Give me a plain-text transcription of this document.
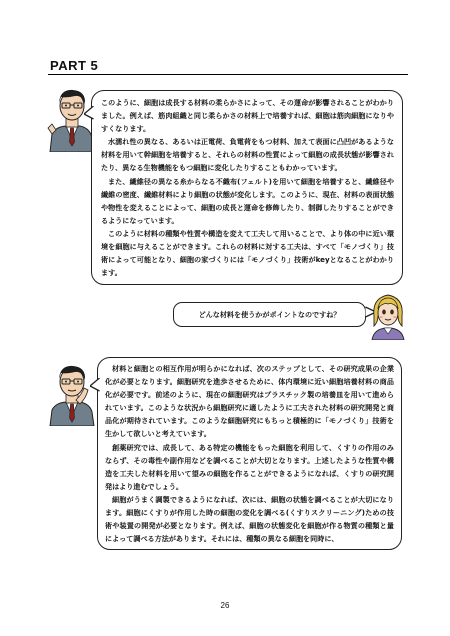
PART 5

このように、細胞は成長する材料の柔らかさによって、その運命が影響されることがわかりました。例えば、筋肉組織と同じ柔らかさの材料上で培養すれば、細胞は筋肉細胞になりやすくなります。

水濡れ性の異なる、あるいは正電荷、負電荷をもつ材料、加えて表面に凸凹があるような材料を用いて幹細胞を培養すると、それらの材料の性質によって細胞の成長状態が影響されたり、異なる生物機能をもつ細胞に変化したりすることもわかっています。

また、繊維径の異なる糸からなる不織布(フェルト)を用いて細胞を培養すると、繊維径や繊維の密度、繊維材料により細胞の状態が変化します。このように、現在、材料の表面状態や物性を変えることによって、細胞の成長と運命を修飾したり、制御したりすることができるようになっています。

このように材料の種類や性質や構造を変えて工夫して用いることで、より体の中に近い環境を細胞に与えることができます。これらの材料に対する工夫は、すべて「モノづくり」技術によって可能となり、細胞の家づくりには「モノづくり」技術がkeyとなることがわかります。

どんな材料を使うかがポイントなのですね？

材料と細胞との相互作用が明らかになれば、次のステップとして、その研究成果の企業化が必要となります。細胞研究を進歩させるために、体内環境に近い細胞培養材料の商品化が必要です。前述のように、現在の細胞研究はプラスチック製の培養皿を用いて進められています。このような状況から細胞研究に適したように工夫された材料の研究開発と商品化が期待されています。このような細胞研究にもちっと積極的に「モノづくり」技術を生かして欲しいと考えています。

創薬研究では、成長して、ある特定の機能をもった細胞を利用して、くすりの作用のみならず、その毒性や副作用などを調べることが大切となります。上述したような性質や構造を工夫した材料を用いて望みの細胞を作ることができるようになれば、くすりの研究開発はより進むでしょう。

細胞がうまく調製できるようになれば、次には、細胞の状態を調べることが大切になります。細胞にくすりが作用した時の細胞の変化を調べる(くすりスクリーニング)ための技術や装置の開発が必要となります。例えば、細胞の状態変化を細胞が作る物質の種類と量によって調べる方法があります。それには、種類の異なる細胞を同時に、

26
